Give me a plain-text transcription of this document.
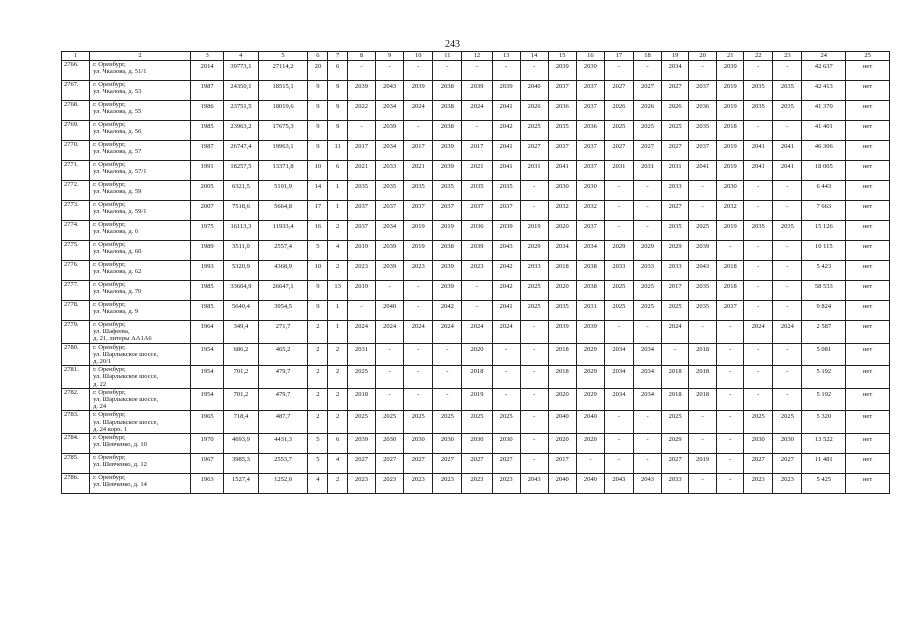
243
1	2	3	4	5	6	7	8	9	10	11	12	13	14	15	16	17	18	19	20	21	22	23	24	25
2766.	г. Оренбург,
ул. Чкалова, д. 51/1	2014	39773,1	27114,2	20	6	-	-	-	-	-	-	-	2039	2039	-	-	2034	-	2039	-	-	42 637	нет
2767.	г. Оренбург,
ул. Чкалова, д. 53	1987	24350,1	18515,1	9	9	2039	2043	2039	2038	2039	2039	2040	2037	2037	2027	2027	2027	2037	2019	2035	2035	42 413	нет
2768.	г. Оренбург,
ул. Чкалова, д. 55	1986	23751,5	18019,6	9	9	2022	2034	2024	2038	2024	2041	2026	2036	2037	2026	2026	2026	2036	2019	2035	2035	41 370	нет
2769.	г. Оренбург,
ул. Чкалова, д. 56	1985	23963,2	17675,3	9	9	-	2039	-	2038	-	2042	2025	2035	2036	2025	2025	2025	2035	2018	-	-	41 401	нет
2770.	г. Оренбург,
ул. Чкалова, д. 57	1987	26747,4	19963,1	9	11	2017	2034	2017	2039	2017	2041	2027	2037	2037	2027	2027	2027	2037	2019	2041	2041	46 306	нет
2771.	г. Оренбург,
ул. Чкалова, д. 57/1	1991	18257,5	13371,8	10	6	2021	2033	2021	2039	2021	2041	2031	2041	2037	2031	2031	2031	2041	2019	2041	2041	18 005	нет
2772.	г. Оренбург,
ул. Чкалова, д. 59	2005	6321,5	5101,9	14	1	2035	2035	2035	2035	2035	2035	-	2030	2030	-	-	2033	-	2030	-	-	6 443	нет
2773.	г. Оренбург,
ул. Чкалова, д. 59/1	2007	7518,6	5664,8	17	1	2037	2037	2037	2037	2037	2037	-	2032	2032	-	-	2027	-	2032	-	-	7 663	нет
2774.	г. Оренбург,
ул. Чкалова, д. 6	1975	16113,3	11933,4	16	2	2037	2034	2019	2019	2036	2039	2019	2020	2037	-	-	2035	2025	2019	2035	2035	15 126	нет
2775.	г. Оренбург,
ул. Чкалова, д. 60	1989	3511,0	2557,4	5	4	2019	2039	2019	2038	2039	2043	2029	2034	2034	2029	2029	2029	2039	-	-	-	10 115	нет
2776.	г. Оренбург,
ул. Чкалова, д. 62	1993	5320,9	4368,9	10	2	2023	2039	2023	2039	2023	2042	2033	2018	2038	2033	2033	2033	2043	2018	-	-	5 423	нет
2777.	г. Оренбург,
ул. Чкалова, д. 70	1985	33604,9	26647,1	9	13	2019	-	-	2039	-	2042	2025	2020	2038	2025	2025	2017	2035	2018	-	-	58 533	нет
2778.	г. Оренбург,
ул. Чкалова, д. 9	1985	5640,4	3954,5	9	1	-	2040	-	2042	-	2041	2025	2035	2031	2025	2025	2025	2035	2037	-	-	9 824	нет
2779.	г. Оренбург,
ул. Шафеева,
д. 21, литеры АА1А6	1964	349,4	271,7	2	1	2024	2024	2024	2024	2024	2024	-	2039	2039	-	-	2024	-	-	2024	2024	2 587	нет
2780.	г. Оренбург,
ул. Шарлыкское шоссе,
д. 20/1	1954	686,2	465,2	2	2	2031	-	-	-	2020	-	-	2018	2029	2034	2034	-	2018	-	-	-	5 081	нет
2781.	г. Оренбург,
ул. Шарлыкское шоссе,
д. 22	1954	701,2	479,7	2	2	2025	-	-	-	2018	-	-	2018	2029	2034	2034	2018	2018	-	-	-	5 192	нет
2782.	г. Оренбург,
ул. Шарлыкское шоссе,
д. 24	1954	701,2	479,7	2	2	2018	-	-	-	2019	-	-	2020	2029	2034	2034	2018	2018	-	-	-	5 192	нет
2783.	г. Оренбург,
ул. Шарлыкское шоссе,
д. 24 корп. 1	1965	718,4	487,7	2	2	2025	2025	2025	2025	2025	2025	-	2040	2040	-	-	2025	-	-	2025	2025	5 320	нет
2784.	г. Оренбург,
ул. Шевченко, д. 10	1970	4693,9	4431,3	5	6	2039	2030	2030	2030	2030	2030	-	2020	2020	-	-	2029	-	-	2030	2030	13 522	нет
2785.	г. Оренбург,
ул. Шевченко, д. 12	1967	3985,3	2553,7	5	4	2027	2027	2027	2027	2027	2027	-	2017	-	-	-	2027	2019	-	2027	2027	11 481	нет
2786.	г. Оренбург,
ул. Шевченко, д. 14	1963	1527,4	1252,0	4	2	2023	2023	2023	2023	2023	2023	2043	2040	2040	2043	2043	2033	-	-	2023	2023	5 425	нет
